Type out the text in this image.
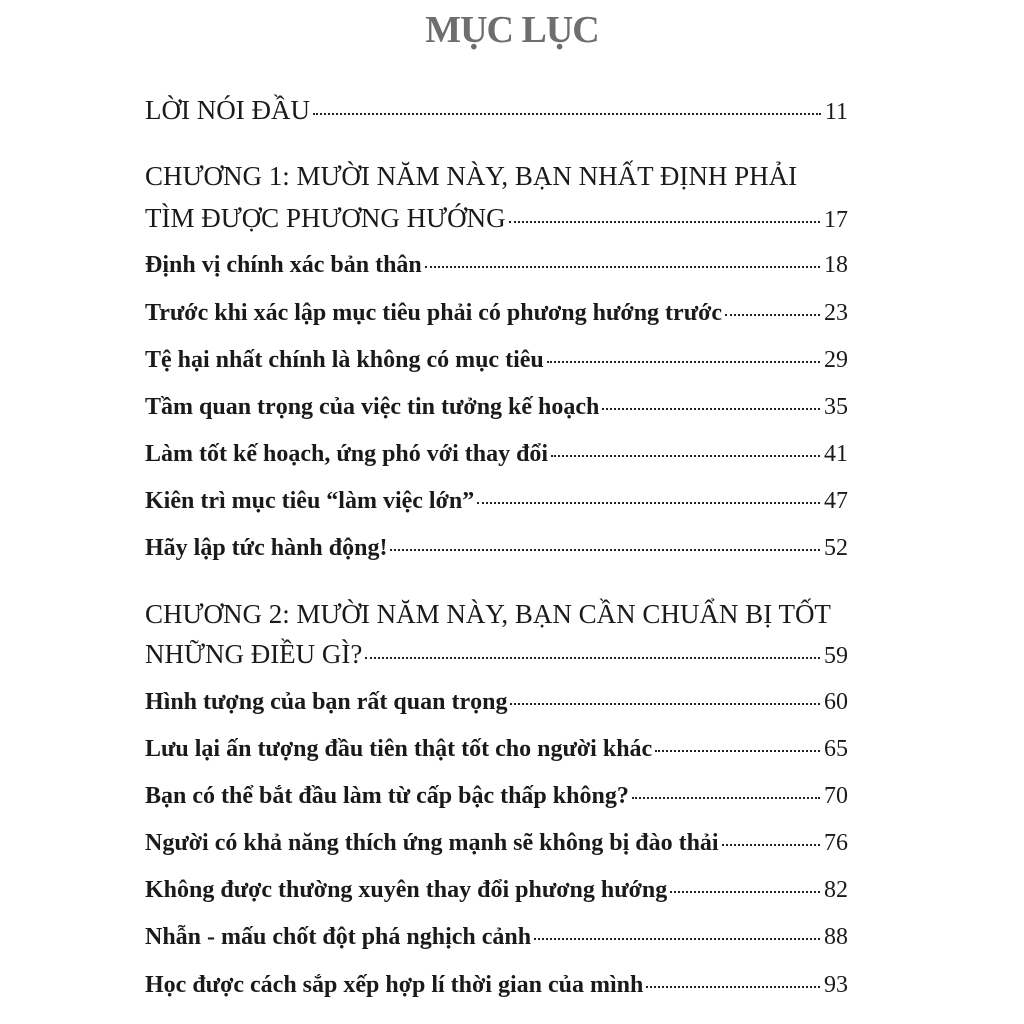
MỤC LỤC
LỜI NÓI ĐẦU	11
CHƯƠNG 1: MƯỜI NĂM NÀY, BẠN NHẤT ĐỊNH PHẢI
TÌM ĐƯỢC PHƯƠNG HƯỚNG	17
Định vị chính xác bản thân	18
Trước khi xác lập mục tiêu phải có phương hướng trước	23
Tệ hại nhất chính là không có mục tiêu	29
Tầm quan trọng của việc tin tưởng kế hoạch	35
Làm tốt kế hoạch, ứng phó với thay đổi	41
Kiên trì mục tiêu “làm việc lớn”	47
Hãy lập tức hành động!	52
CHƯƠNG 2: MƯỜI NĂM NÀY, BẠN CẦN CHUẨN BỊ TỐT
NHỮNG ĐIỀU GÌ?	59
Hình tượng của bạn rất quan trọng	60
Lưu lại ấn tượng đầu tiên thật tốt cho người khác	65
Bạn có thể bắt đầu làm từ cấp bậc thấp không?	70
Người có khả năng thích ứng mạnh sẽ không bị đào thải	76
Không được thường xuyên thay đổi phương hướng	82
Nhẫn - mấu chốt đột phá nghịch cảnh	88
Học được cách sắp xếp hợp lí thời gian của mình	93
